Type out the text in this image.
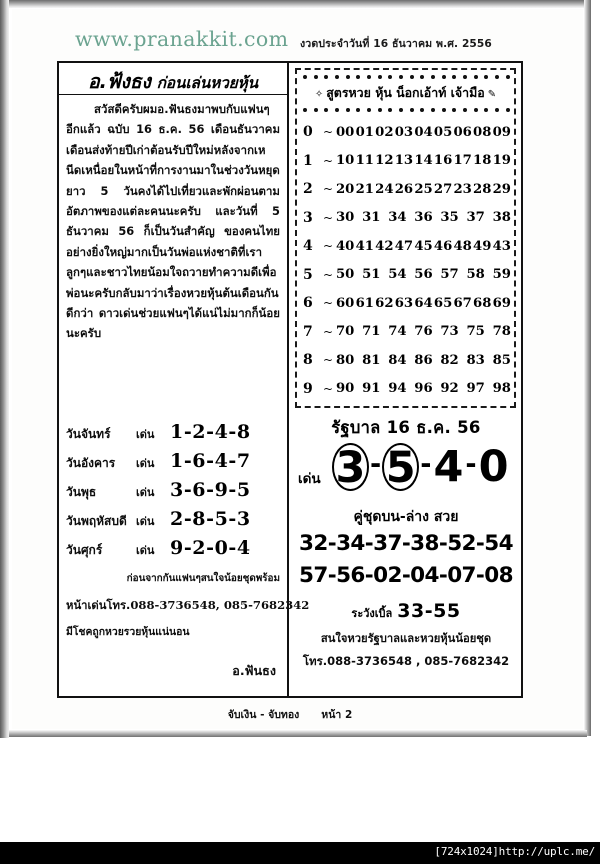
www.pranakkit.com งวดประจำวันที่ 16 ธันวาคม พ.ศ. 2556
อ.ฟ้งธง ก่อนเล่นหวยหุ้น

สวัสดีครับผมอ.ฟันธงมาพบกับแฟนๆอีกแล้ว ฉบับ 16 ธ.ค. 56 เดือนธันวาคมเดือนส่งท้ายปีเก่าต้อนรับปีใหม่หลังจากเหนีดเหนื่อยในหน้าที่การงานมาในช่วงวันหยุดยาว 5 วันคงได้ไปเที่ยวและพักผ่อนตามอัตภาพของแต่ละคนนะครับ และวันที่ 5 ธันวาคม 56 ก็เป็นวันสำคัญ ของคนไทยอย่างยิ่งใหญ่มากเป็นวันพ่อแห่งชาติที่เราลูกๆและชาวไทยน้อมใจถวายทำความดีเพื่อพ่อนะครับกลับมาว่าเรื่องหวยหุ้นต้นเดือนกันดีกว่า ดาวเด่นช่วยแฟนๆได้แน่ไม่มากก็น้อยนะครับ

วันจันทร์	เด่น 1-2-4-8
วันอังคาร	เด่น 1-6-4-7
วันพุธ	เด่น 3-6-9-5
วันพฤหัสบดี เด่น 2-8-5-3
วันศุกร์	เด่น 9-2-0-4
ก่อนจากกันแฟนๆสนใจน้อยชุดพร้อม
หน้าเด่นโทร.088-3736548, 085-7682342
มีโชคถูกหวยรวยหุ้นแน่นอน
อ.ฟันธง
✧ สูตรหวย หุ้น น็อกเอ้าท์ เจ้ามือ ✎
0 ~ 00 01 02 03 04 05 06 08 09
1 ~ 10 11 12 13 14 16 17 18 19
2 ~ 20 21 24 26 25 27 23 28 29
3 ~ 30 31 34 36 35 37 38
4 ~ 40 41 42 47 45 46 48 49 43
5 ~ 50 51 54 56 57 58 59
6 ~ 60 61 62 63 64 65 67 68 69
7 ~ 70 71 74 76 73 75 78
8 ~ 80 81 84 86 82 83 85
9 ~ 90 91 94 96 92 97 98
รัฐบาล 16 ธ.ค. 56
เด่น 3 - 5 - 4 - 0
คู่ชุดบน-ล่าง สวย
32-34-37-38-52-54
57-56-02-04-07-08
ระวังเบิ้ล 33-55
สนใจหวยรัฐบาลและหวยหุ้นน้อยชุด
โทร.088-3736548 , 085-7682342
จับเงิน - จับทอง หน้า 2
[724x1024]http://uplc.me/
